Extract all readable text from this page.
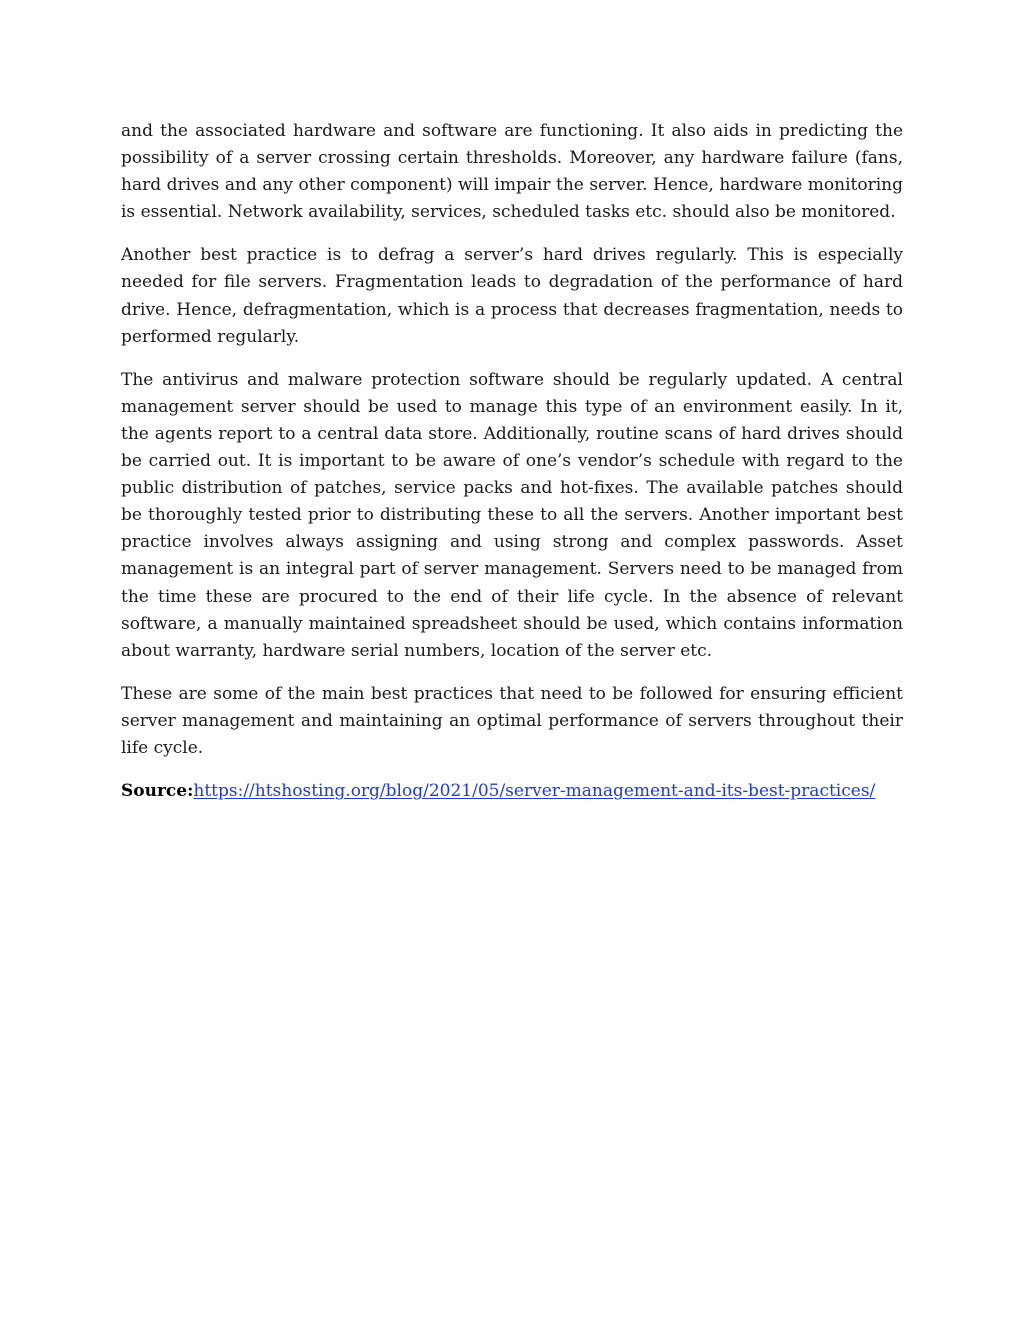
and the associated hardware and software are functioning. It also aids in predicting the possibility of a server crossing certain thresholds. Moreover, any hardware failure (fans, hard drives and any other component) will impair the server. Hence, hardware monitoring is essential. Network availability, services, scheduled tasks etc. should also be monitored.

Another best practice is to defrag a server’s hard drives regularly. This is especially needed for file servers. Fragmentation leads to degradation of the performance of hard drive. Hence, defragmentation, which is a process that decreases fragmentation, needs to performed regularly.

The antivirus and malware protection software should be regularly updated. A central management server should be used to manage this type of an environment easily. In it, the agents report to a central data store. Additionally, routine scans of hard drives should be carried out. It is important to be aware of one’s vendor’s schedule with regard to the public distribution of patches, service packs and hot-fixes. The available patches should be thoroughly tested prior to distributing these to all the servers. Another important best practice involves always assigning and using strong and complex passwords. Asset management is an integral part of server management. Servers need to be managed from the time these are procured to the end of their life cycle. In the absence of relevant software, a manually maintained spreadsheet should be used, which contains information about warranty, hardware serial numbers, location of the server etc.

These are some of the main best practices that need to be followed for ensuring efficient server management and maintaining an optimal performance of servers throughout their life cycle.

Source:https://htshosting.org/blog/2021/05/server-management-and-its-best-practices/
